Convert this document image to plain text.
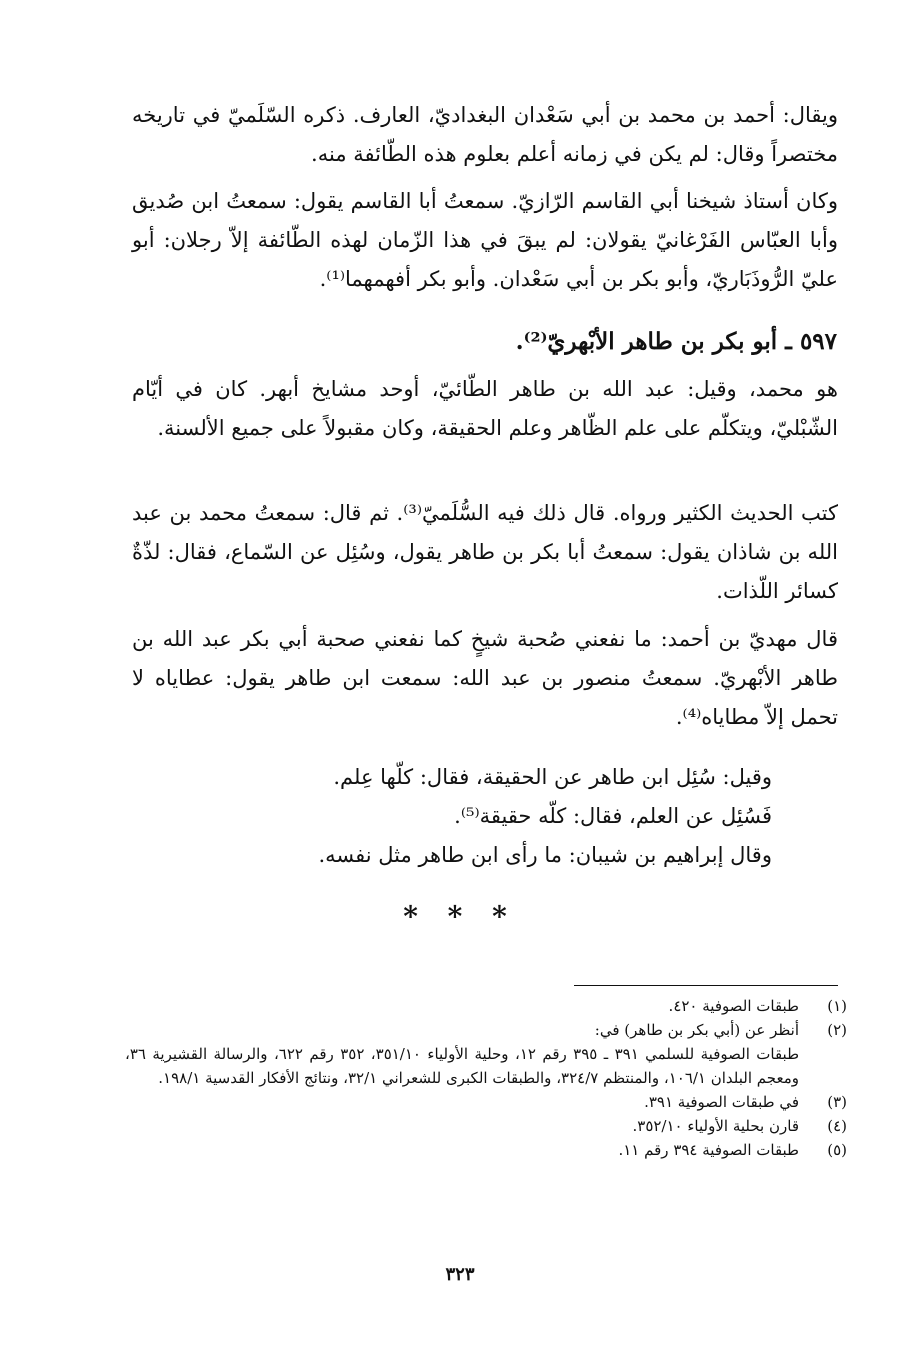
ويقال: أحمد بن محمد بن أبي سَعْدان البغداديّ، العارف. ذكره السّلَميّ في تاريخه مختصراً وقال: لم يكن في زمانه أعلم بعلوم هذه الطّائفة منه.

وكان أستاذ شيخنا أبي القاسم الرّازيّ. سمعتُ أبا القاسم يقول: سمعتُ ابن صُديق وأبا العبّاس الفَرْغانيّ يقولان: لم يبقَ في هذا الزّمان لهذه الطّائفة إلاّ رجلان: أبو عليّ الرُّوذَبَاريّ، وأبو بكر بن أبي سَعْدان. وأبو بكر أفهمهما⁽¹⁾.

٥٩٧ ـ أبو بكر بن طاهر الأبْهريّ⁽²⁾.

هو محمد، وقيل: عبد الله بن طاهر الطّائيّ، أوحد مشايخ أبهر. كان في أيّام الشّبْليّ، ويتكلّم على علم الظّاهر وعلم الحقيقة، وكان مقبولاً على جميع الألسنة.

كتب الحديث الكثير ورواه. قال ذلك فيه السُّلَميّ⁽³⁾. ثم قال: سمعتُ محمد بن عبد الله بن شاذان يقول: سمعتُ أبا بكر بن طاهر يقول، وسُئِل عن السّماع، فقال: لذّةٌ كسائر اللّذات.

قال مهديّ بن أحمد: ما نفعني صُحبة شيخٍ كما نفعني صحبة أبي بكر عبد الله بن طاهر الأبْهريّ. سمعتُ منصور بن عبد الله: سمعت ابن طاهر يقول: عطاياه لا تحمل إلاّ مطاياه⁽⁴⁾.

وقيل: سُئِل ابن طاهر عن الحقيقة، فقال: كلّها عِلم.
فَسُئِل عن العلم، فقال: كلّه حقيقة⁽⁵⁾.
وقال إبراهيم بن شيبان: ما رأى ابن طاهر مثل نفسه.
* * *
(١)
طبقات الصوفية ٤٢٠.
(٢)
أنظر عن (أبي بكر بن طاهر) في:
طبقات الصوفية للسلمي ٣٩١ ـ ٣٩٥ رقم ١٢، وحلية الأولياء ٣٥١/١٠، ٣٥٢ رقم ٦٢٢، والرسالة القشيرية ٣٦، ومعجم البلدان ١٠٦/١، والمنتظم ٣٢٤/٧، والطبقات الكبرى للشعراني ٣٢/١، ونتائج الأفكار القدسية ١٩٨/١.
(٣)
في طبقات الصوفية ٣٩١.
(٤)
قارن بحلية الأولياء ٣٥٢/١٠.
(٥)
طبقات الصوفية ٣٩٤ رقم ١١.
٣٢٣
